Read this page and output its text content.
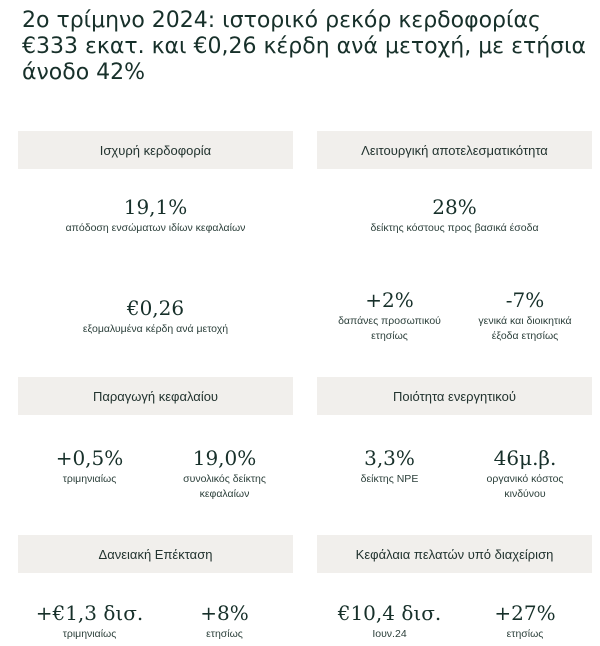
2ο τρίμηνο 2024: ιστορικό ρεκόρ κερδοφορίας €333 εκατ. και €0,26 κέρδη ανά μετοχή, με ετήσια άνοδο 42%
Ισχυρή κερδοφορία
19,1%
απόδοση ενσώματων ιδίων κεφαλαίων
€0,26
εξομαλυμένα κέρδη ανά μετοχή
Λειτουργική αποτελεσματικότητα
28%
δείκτης κόστους προς βασικά έσοδα
+2%
δαπάνες προσωπικού
ετησίως
-7%
γενικά και διοικητικά
έξοδα ετησίως
Παραγωγή κεφαλαίου
+0,5%
τριμηνιαίως
19,0%
συνολικός δείκτης
κεφαλαίων
Ποιότητα ενεργητικού
3,3%
δείκτης NPE
46μ.β.
οργανικό κόστος
κινδύνου
Δανειακή Επέκταση
+€1,3 δισ.
τριμηνιαίως
+8%
ετησίως
Κεφάλαια πελατών υπό διαχείριση
€10,4 δισ.
Ιουν.24
+27%
ετησίως
